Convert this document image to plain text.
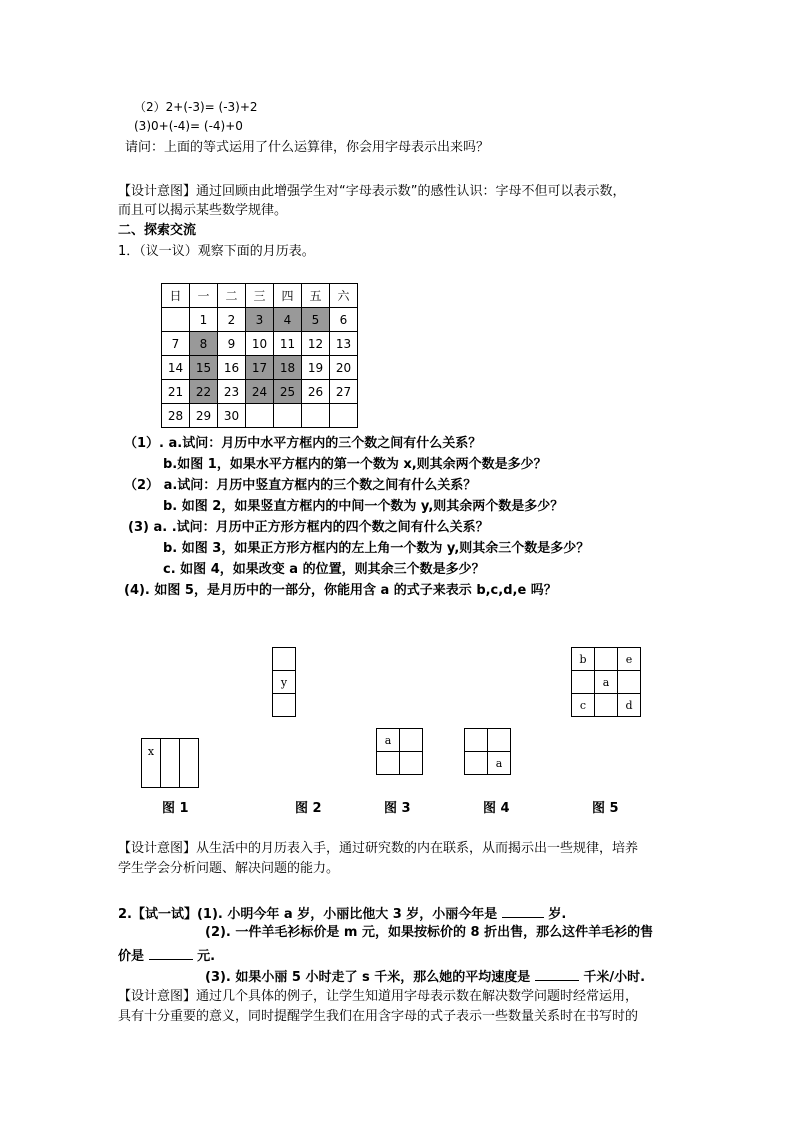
（2）2+(-3)= (-3)+2
(3)0+(-4)= (-4)+0
请问：上面的等式运用了什么运算律，你会用字母表示出来吗？
【设计意图】通过回顾由此增强学生对“字母表示数”的感性认识：字母不但可以表示数，
而且可以揭示某些数学规律。
二、探索交流
1．（议一议）观察下面的月历表。
日	一	二	三	四	五	六
	1	2	3	4	5	6
7	8	9	10	11	12	13
14	15	16	17	18	19	20
21	22	23	24	25	26	27
28	29	30				
（1）. a.试问：月历中水平方框内的三个数之间有什么关系？
b.如图 1，如果水平方框内的第一个数为 x,则其余两个数是多少？
（2） a.试问：月历中竖直方框内的三个数之间有什么关系？
b. 如图 2，如果竖直方框内的中间一个数为 y,则其余两个数是多少？
(3) a. .试问：月历中正方形方框内的四个数之间有什么关系？
b. 如图 3，如果正方形方框内的左上角一个数为 y,则其余三个数是多少？
c. 如图 4，如果改变 a 的位置，则其余三个数是多少？
(4). 如图 5，是月历中的一部分，你能用含 a 的式子来表示 b,c,d,e 吗？
x		

y

a	

	a
b		e
	a	
c		d
图 1	图 2	图 3	图 4	图 5
【设计意图】从生活中的月历表入手，通过研究数的内在联系，从而揭示出一些规律，培养
学生学会分析问题、解决问题的能力。
2.【试一试】(1). 小明今年 a 岁，小丽比他大 3 岁，小丽今年是	岁.
(2). 一件羊毛衫标价是 m 元，如果按标价的 8 折出售，那么这件羊毛衫的售
价是	元.
(3). 如果小丽 5 小时走了 s 千米，那么她的平均速度是	千米/小时.
【设计意图】通过几个具体的例子，让学生知道用字母表示数在解决数学问题时经常运用，
具有十分重要的意义，同时提醒学生我们在用含字母的式子表示一些数量关系时在书写时的
